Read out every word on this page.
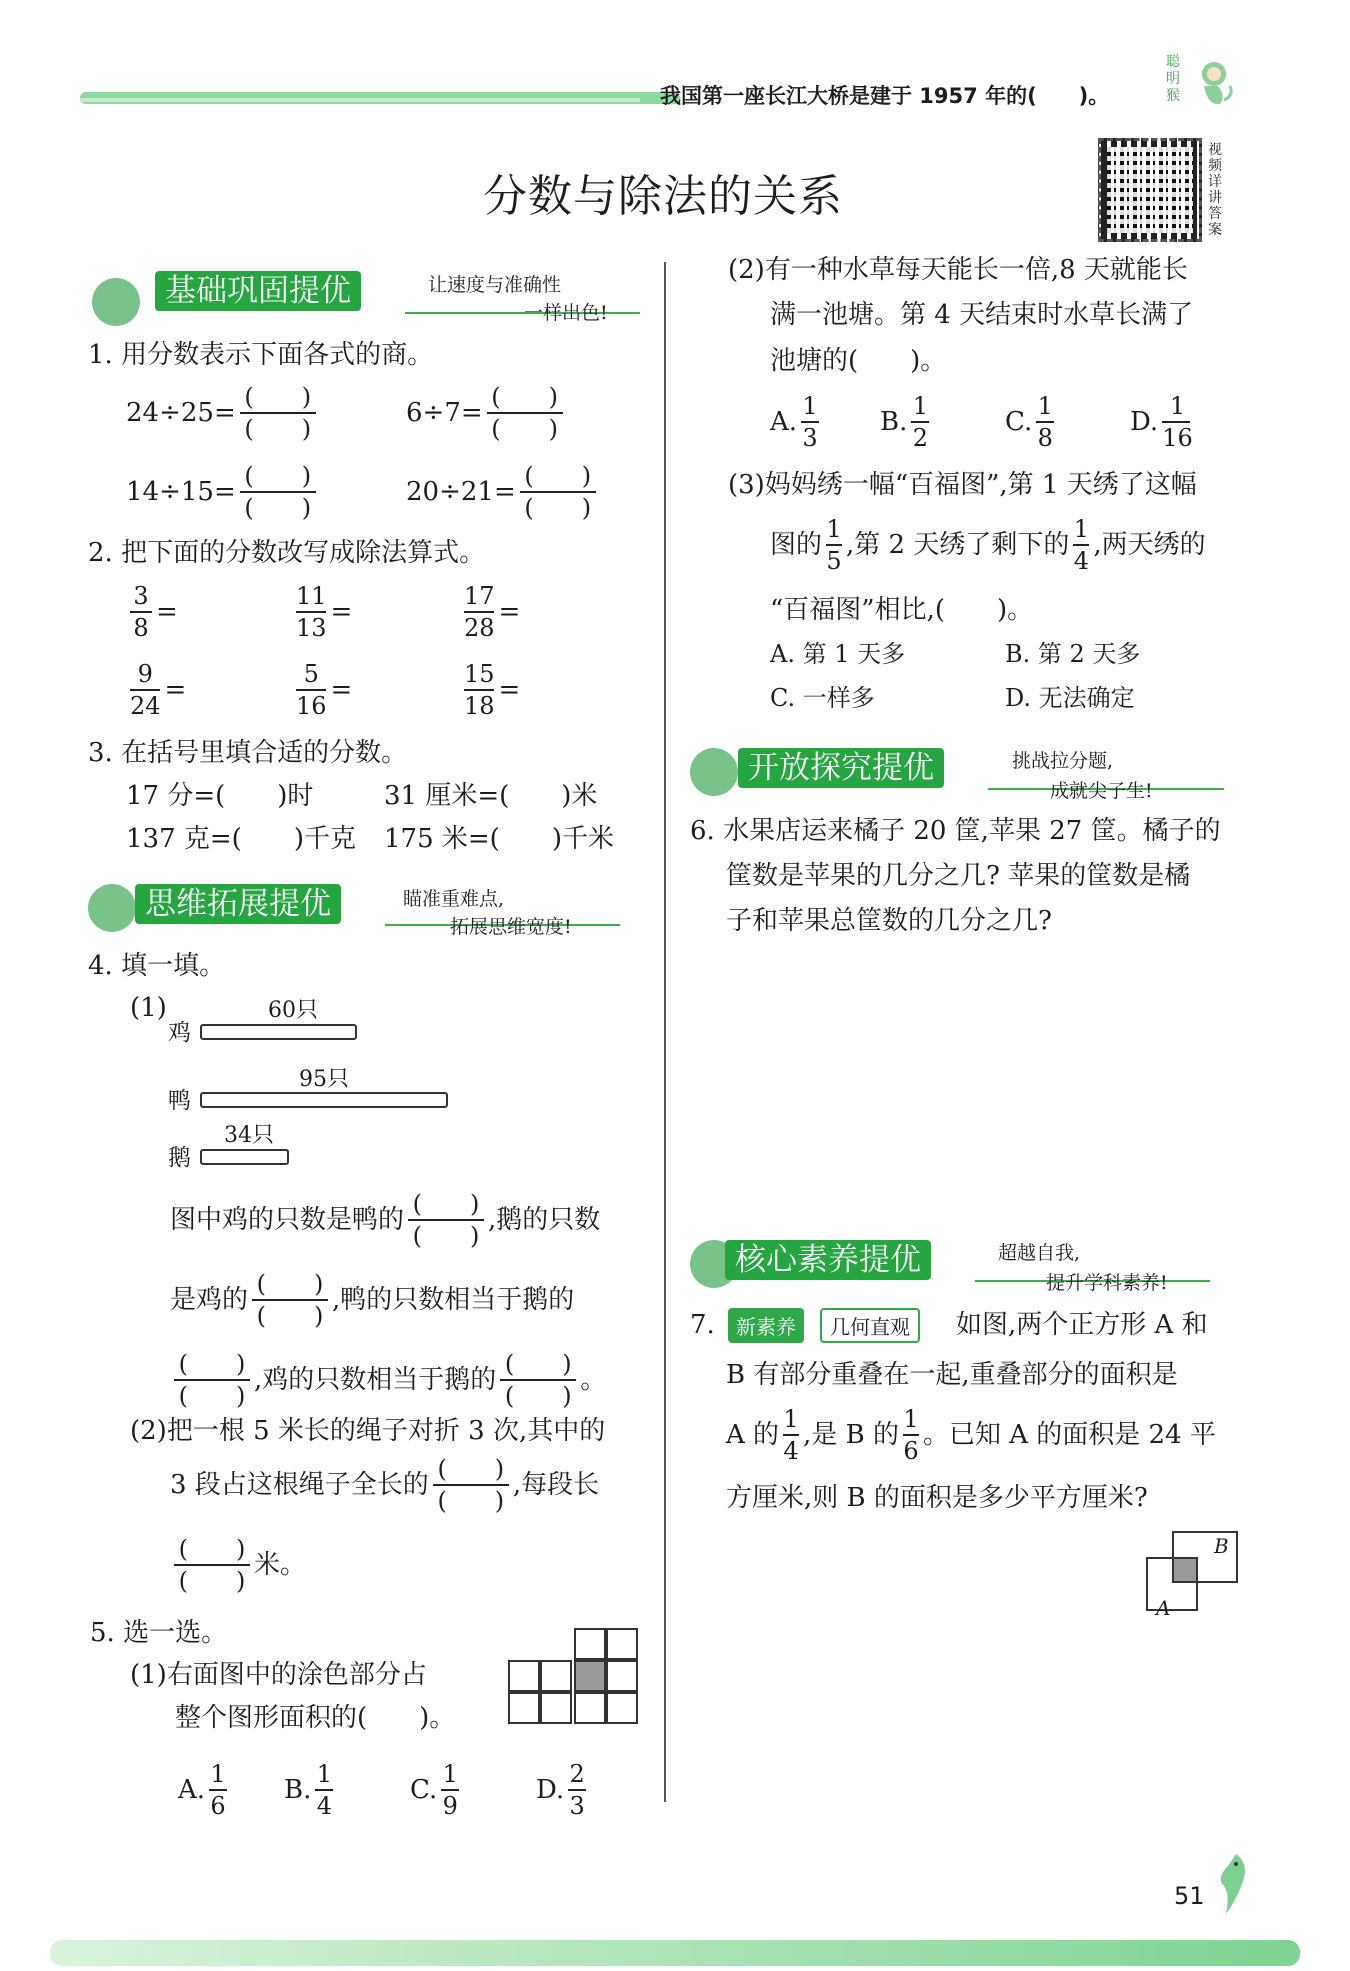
我国第一座长江大桥是建于 1957 年的(　　)。
聪明猴
分数与除法的关系
视频详讲答案
基础巩固提优	让速度与准确性
一样出色!
1. 用分数表示下面各式的商。
$24\div 25= \frac{( )}{( )}$	$6\div 7= \frac{( )}{( )}$
$14\div 15= \frac{( )}{( )}$	$20\div 21= \frac{( )}{( )}$
2. 把下面的分数改写成除法算式。
$\frac{3}{8}$ =	$\frac{11}{13}$ =	$\frac{17}{28}$ =
$\frac{9}{24}$ =	$\frac{5}{16}$ =	$\frac{15}{18}$ =
3. 在括号里填合适的分数。
17 分=(　　)时	31 厘米=(　　)米
137 克=(　　)千克 175 米=(　　)千米
思维拓展提优	瞄准重难点,
拓展思维宽度!
4. 填一填。
(1)	60只
鸡
95只
鸭
34只
鹅
图中鸡的只数是鸭的 $\frac{( )}{( )}$ ,鹅的只数
是鸡的 $\frac{( )}{( )}$ ,鸭的只数相当于鹅的
$\frac{( )}{( )}$ ,鸡的只数相当于鹅的 $\frac{( )}{( )}$ 。
(2)把一根 5 米长的绳子对折 3 次,其中的
3 段占这根绳子全长的 $\frac{( )}{( )}$ ,每段长
$\frac{( )}{( )}$ 米。
5. 选一选。
(1)右面图中的涂色部分占
整个图形面积的(　　)。
A. $\frac{1}{6} B$. $\frac{1}{4}$	C. $\frac{1}{9}$	D. $\frac{2}{3}$
(2)有一种水草每天能长一倍,8 天就能长
满一池塘。第 4 天结束时水草长满了
池塘的(　　)。
A. $\frac{1}{3} B$. $\frac{1}{2}$	C. $\frac{1}{8}$	D. $\frac{1}{16}$
(3)妈妈绣一幅“百福图”,第 1 天绣了这幅
图的 $\frac{1}{5}$ ,第 2 天绣了剩下的 $\frac{1}{4}$ ,两天绣的
“百福图”相比,(　　)。
A. 第 1 天多	B. 第 2 天多
C. 一样多	D. 无法确定
开放探究提优	挑战拉分题,
成就尖子生!
6. 水果店运来橘子 20 筐,苹果 27 筐。橘子的
筐数是苹果的几分之几? 苹果的筐数是橘
子和苹果总筐数的几分之几?
核心素养提优	超越自我,
提升学科素养!
7.	新素养	几何直观	如图,两个正方形 A 和
B 有部分重叠在一起,重叠部分的面积是
A 的 $\frac{1}{4}$ ,是 B 的 $\frac{1}{6}$ 。已知 A 的面积是 24 平
方厘米,则 B 的面积是多少平方厘米?
B
A
51
